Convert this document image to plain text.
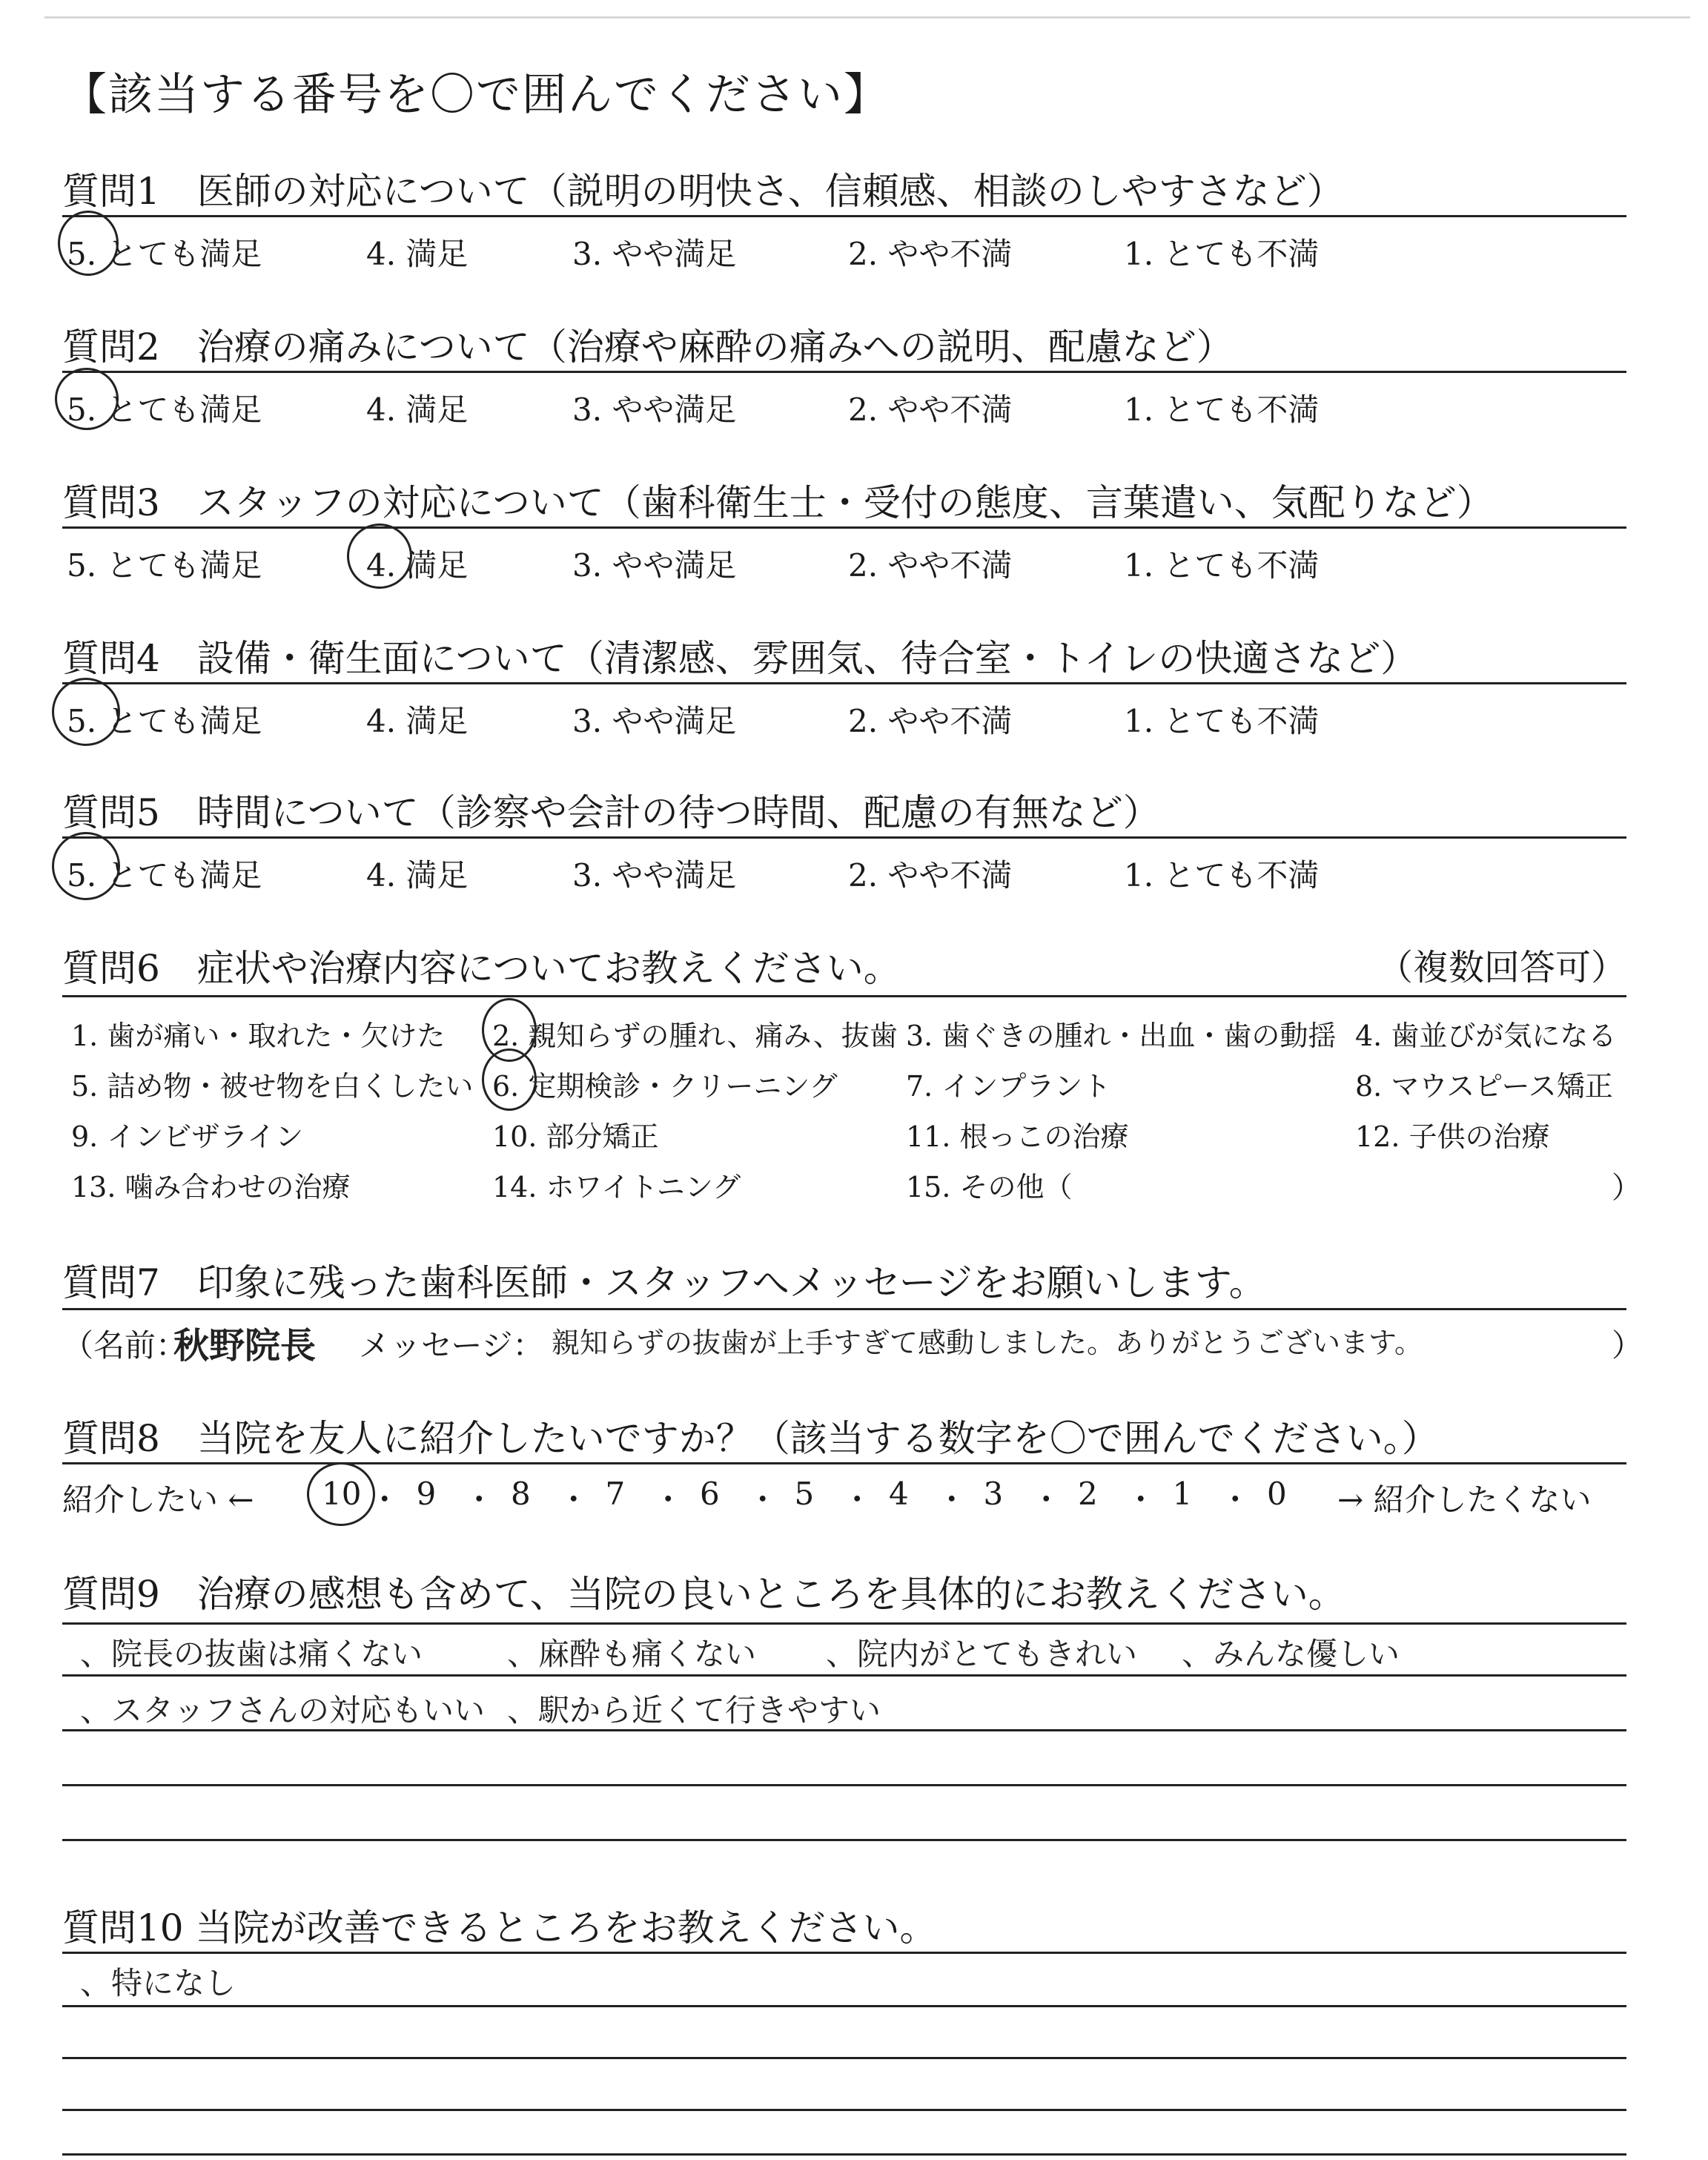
【該当する番号を〇で囲んでください】
質問1　医師の対応について（説明の明快さ、信頼感、相談のしやすさなど）
5. とても満足	4. 満足	3. やや満足	2. やや不満	1. とても不満
質問2　治療の痛みについて（治療や麻酔の痛みへの説明、配慮など）
5. とても満足	4. 満足	3. やや満足	2. やや不満	1. とても不満
質問3　スタッフの対応について（歯科衛生士・受付の態度、言葉遣い、気配りなど）
5. とても満足	4. 満足	3. やや満足	2. やや不満	1. とても不満
質問4　設備・衛生面について（清潔感、雰囲気、待合室・トイレの快適さなど）
5. とても満足	4. 満足	3. やや満足	2. やや不満	1. とても不満
質問5　時間について（診察や会計の待つ時間、配慮の有無など）
5. とても満足	4. 満足	3. やや満足	2. やや不満	1. とても不満
質問6　症状や治療内容についてお教えください。	（複数回答可）
1. 歯が痛い・取れた・欠けた 2. 親知らずの腫れ、痛み、抜歯 3. 歯ぐきの腫れ・出血・歯の動揺 4. 歯並びが気になる
5. 詰め物・被せ物を白くしたい 6. 定期検診・クリーニング 7. インプラント	8. マウスピース矯正
9. インビザライン	10. 部分矯正	11. 根っこの治療	12. 子供の治療
13. 噛み合わせの治療	14. ホワイトニング	15. その他（	）
質問7　印象に残った歯科医師・スタッフへメッセージをお願いします。
（名前：
秋野院長 メッセージ： 親知らずの抜歯が上手すぎて感動しました。ありがとうございます。	）
質問8　当院を友人に紹介したいですか？（該当する数字を〇で囲んでください。）
紹介したい ← 10 ・ 9 ・ 8 ・ 7 ・ 6 ・ 5 ・ 4 ・ 3 ・ 2 ・ 1 ・ 0 → 紹介したくない
質問9　治療の感想も含めて、当院の良いところを具体的にお教えください。
、院長の抜歯は痛くない	、麻酔も痛くない 、院内がとてもきれい 、みんな優しい
、スタッフさんの対応もいい 、駅から近くて行きやすい
質問10 当院が改善できるところをお教えください。
、特になし
